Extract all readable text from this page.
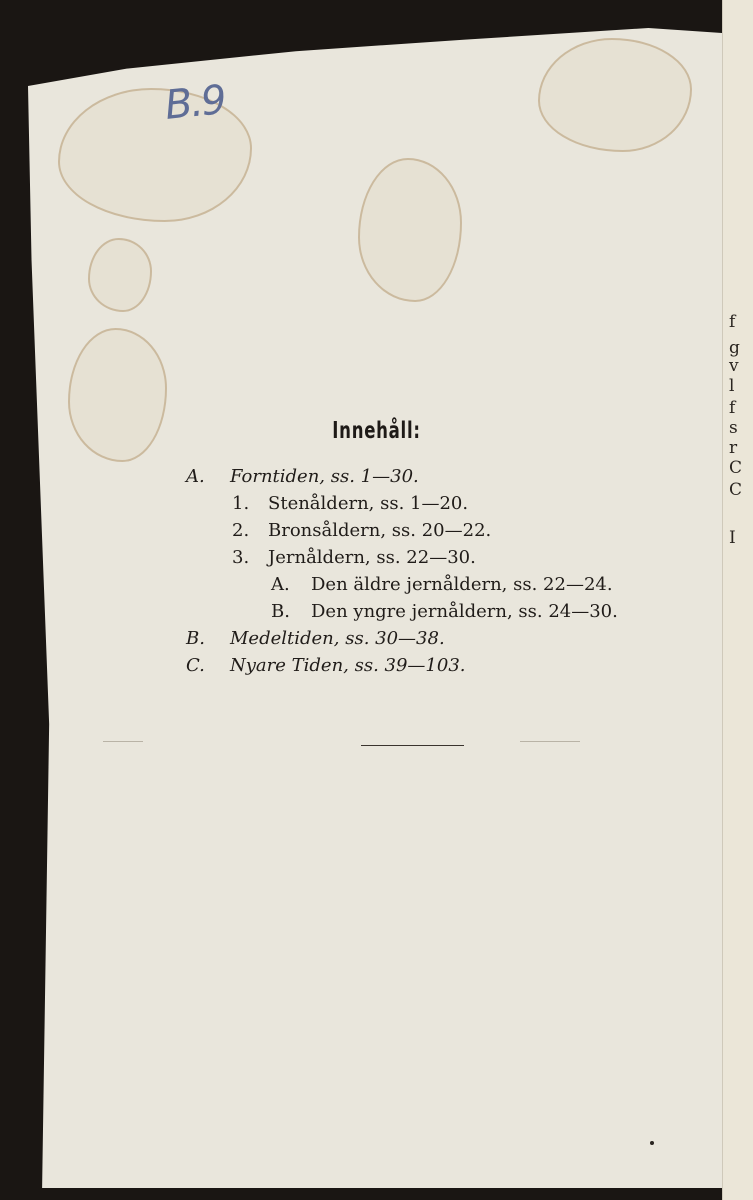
f
g
v
l
f
s
r
C
C
I
B.9
Innehåll:
A. Forntiden, ss. 1—30.
1. Stenåldern, ss. 1—20.
2. Bronsåldern, ss. 20—22.
3. Jernåldern, ss. 22—30.
A. Den äldre jernåldern, ss. 22—24.
B. Den yngre jernåldern, ss. 24—30.
B. Medeltiden, ss. 30—38.
C. Nyare Tiden, ss. 39—103.
